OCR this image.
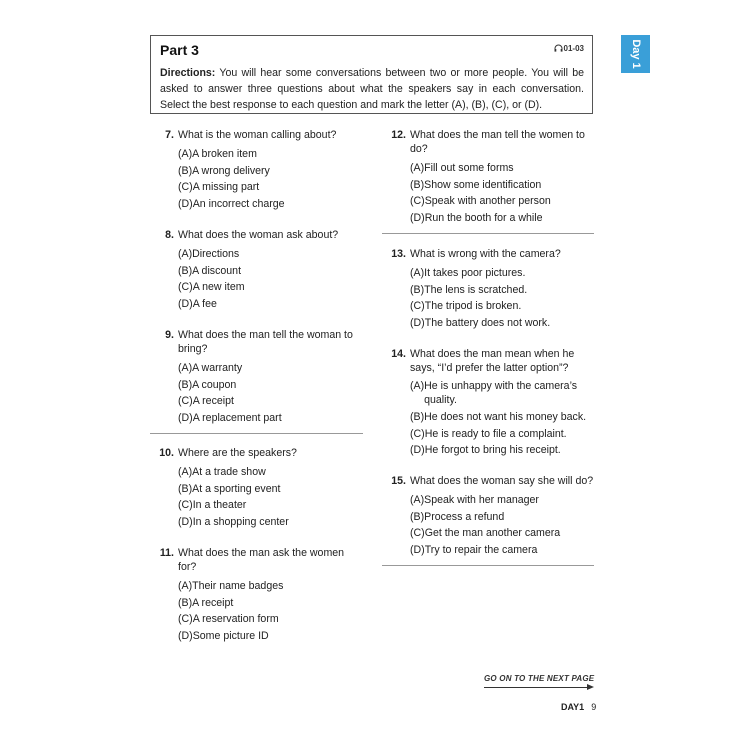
Part 3	01-03
Directions: You will hear some conversations between two or more people. You will be asked to answer three questions about what the speakers say in each conversation. Select the best response to each question and mark the letter (A), (B), (C), or (D).
Day 1
7. What is the woman calling about?
(A) A broken item
(B) A wrong delivery
(C) A missing part
(D) An incorrect charge
8. What does the woman ask about?
(A) Directions
(B) A discount
(C) A new item
(D) A fee
9. What does the man tell the woman to bring?
(A) A warranty
(B) A coupon
(C) A receipt
(D) A replacement part
10. Where are the speakers?
(A) At a trade show
(B) At a sporting event
(C) In a theater
(D) In a shopping center
11. What does the man ask the women for?
(A) Their name badges
(B) A receipt
(C) A reservation form
(D) Some picture ID
12. What does the man tell the women to do?
(A) Fill out some forms
(B) Show some identification
(C) Speak with another person
(D) Run the booth for a while
13. What is wrong with the camera?
(A) It takes poor pictures.
(B) The lens is scratched.
(C) The tripod is broken.
(D) The battery does not work.
14. What does the man mean when he says, “I’d prefer the latter option”?
(A) He is unhappy with the camera’s quality.
(B) He does not want his money back.
(C) He is ready to file a complaint.
(D) He forgot to bring his receipt.
15. What does the woman say she will do?
(A) Speak with her manager
(B) Process a refund
(C) Get the man another camera
(D) Try to repair the camera
GO ON TO THE NEXT PAGE
DAY1 9
